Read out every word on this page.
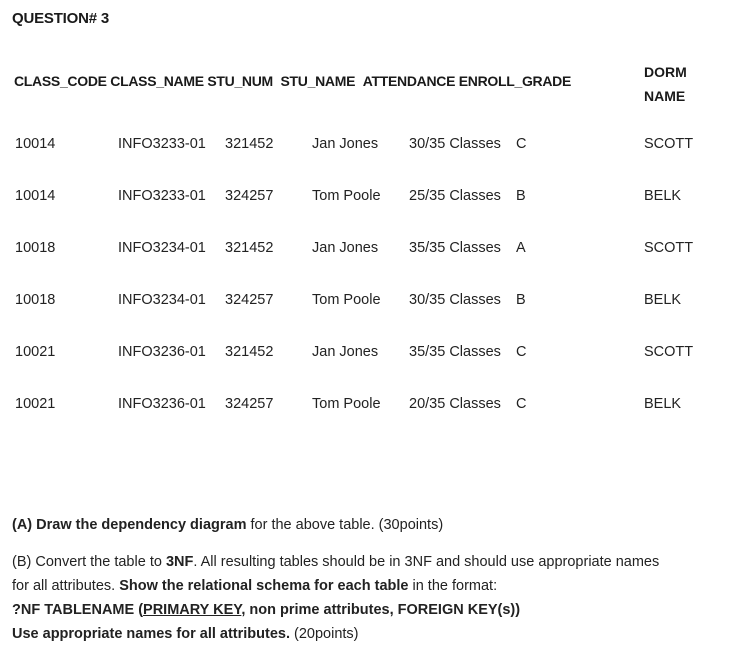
QUESTION# 3
CLASS_CODE CLASS_NAME STU_NUM STU_NAME ATTENDANCE ENROLL_GRADE
DORM
NAME
10014	INFO3233-01 321452	Jan Jones 30/35 Classes C	SCOTT
10014	INFO3233-01 324257	Tom Poole 25/35 Classes B	BELK
10018	INFO3234-01 321452	Jan Jones 35/35 Classes A	SCOTT
10018	INFO3234-01 324257	Tom Poole 30/35 Classes B	BELK
10021	INFO3236-01 321452	Jan Jones 35/35 Classes C	SCOTT
10021	INFO3236-01 324257	Tom Poole 20/35 Classes C	BELK
(A) Draw the dependency diagram for the above table. (30points)
(B) Convert the table to 3NF. All resulting tables should be in 3NF and should use appropriate names
for all attributes. Show the relational schema for each table in the format:
?NF TABLENAME (PRIMARY KEY, non prime attributes, FOREIGN KEY(s))
Use appropriate names for all attributes. (20points)
